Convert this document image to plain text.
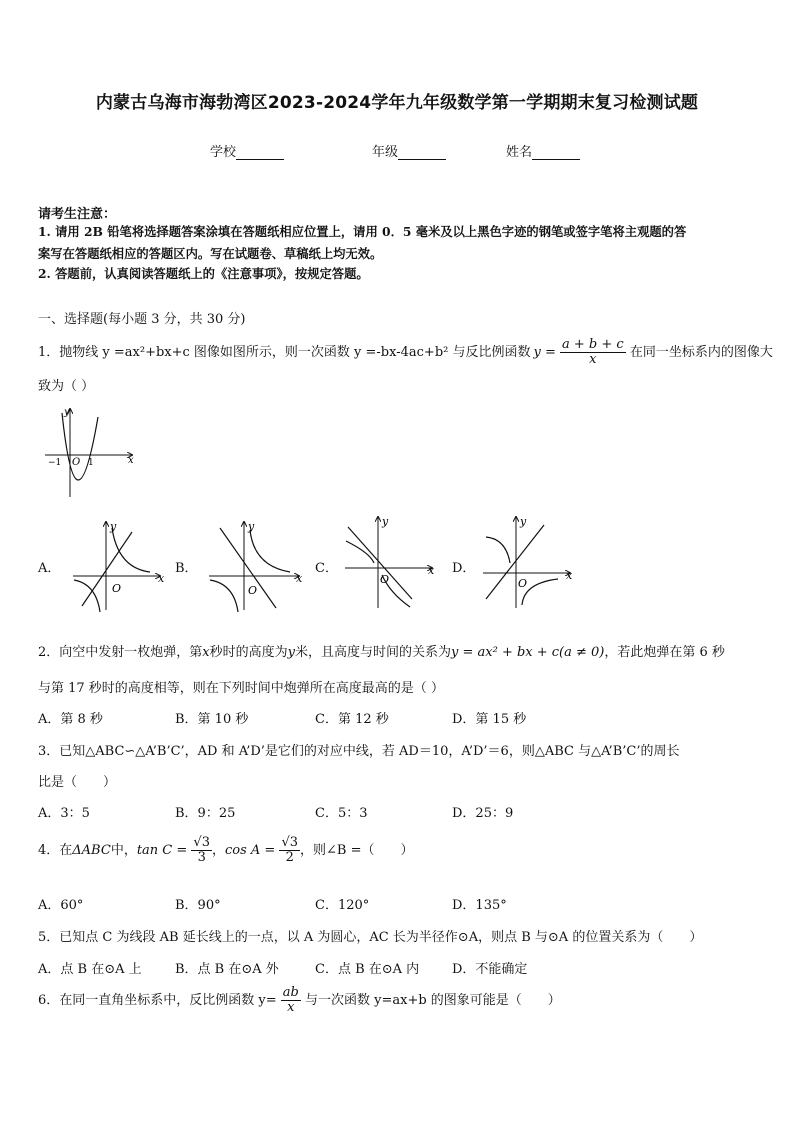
内蒙古乌海市海勃湾区2023-2024学年九年级数学第一学期期末复习检测试题
学校	年级	姓名
请考生注意：
1. 请用 2B 铅笔将选择题答案涂填在答题纸相应位置上，请用 0．5 毫米及以上黑色字迹的钢笔或签字笔将主观题的答
案写在答题纸相应的答题区内。写在试题卷、草稿纸上均无效。
2. 答题前，认真阅读答题纸上的《注意事项》，按规定答题。
一、选择题(每小题 3 分，共 30 分)
1．抛物线 y =ax²+bx+c 图像如图所示，则一次函数 y =-bx-4ac+b² 与反比例函数 $y = \frac{a + b + c}{x}$ 在同一坐标系内的图像大
致为（ ）
y
x
−1 O 1
A．	B．	C．	D．
y
x
O
y
x
O
y
x
O
y
x
O
2．向空中发射一枚炮弹，第x秒时的高度为y米，且高度与时间的关系为y = ax² + bx + c(a ≠ 0)，若此炮弹在第 6 秒
与第 17 秒时的高度相等，则在下列时间中炮弹所在高度最高的是（ ）
A．第 8 秒	B．第 10 秒	C．第 12 秒	D．第 15 秒
3．已知△ABC∽△A’B’C’，AD 和 A’D’是它们的对应中线，若 AD＝10，A’D’＝6，则△ABC 与△A’B’C’的周长
比是（　　）
A．3：5	B．9：25	C．5：3	D．25：9
4．在ΔABC中，$\tan C = \frac{√3}{3}$ ，$\cos A = \frac{√3}{2}$ ，则∠B =（　　）
A．60°	B．90°	C．120°	D．135°
5．已知点 C 为线段 AB 延长线上的一点，以 A 为圆心，AC 长为半径作⊙A，则点 B 与⊙A 的位置关系为（　　）
A．点 B 在⊙A 上	B．点 B 在⊙A 外	C．点 B 在⊙A 内	D．不能确定
6．在同一直角坐标系中，反比例函数 $y= \frac{ab}{x}$ 与一次函数 y=ax+b 的图象可能是（　　）
